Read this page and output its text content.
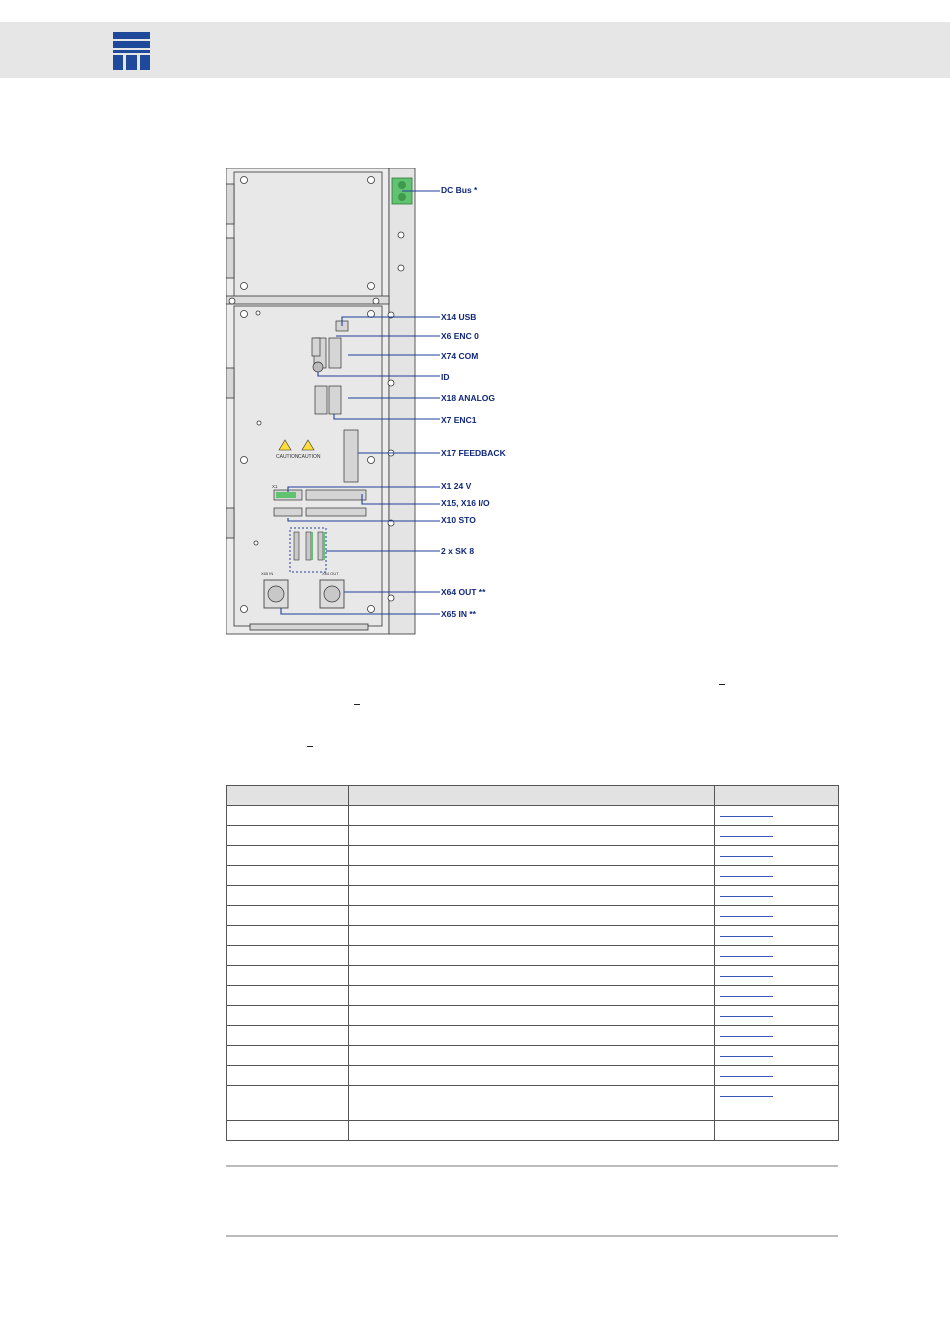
CAUTION CAUTION
X1
X65 IN	X64 OUT
DC Bus *
X14 USB
X6 ENC 0
X74 COM
ID
X18 ANALOG
X7 ENC1
X17 FEEDBACK
X1 24 V
X15, X16 I/O
X10 STO
2 x SK 8
X64 OUT **
X65 IN **
